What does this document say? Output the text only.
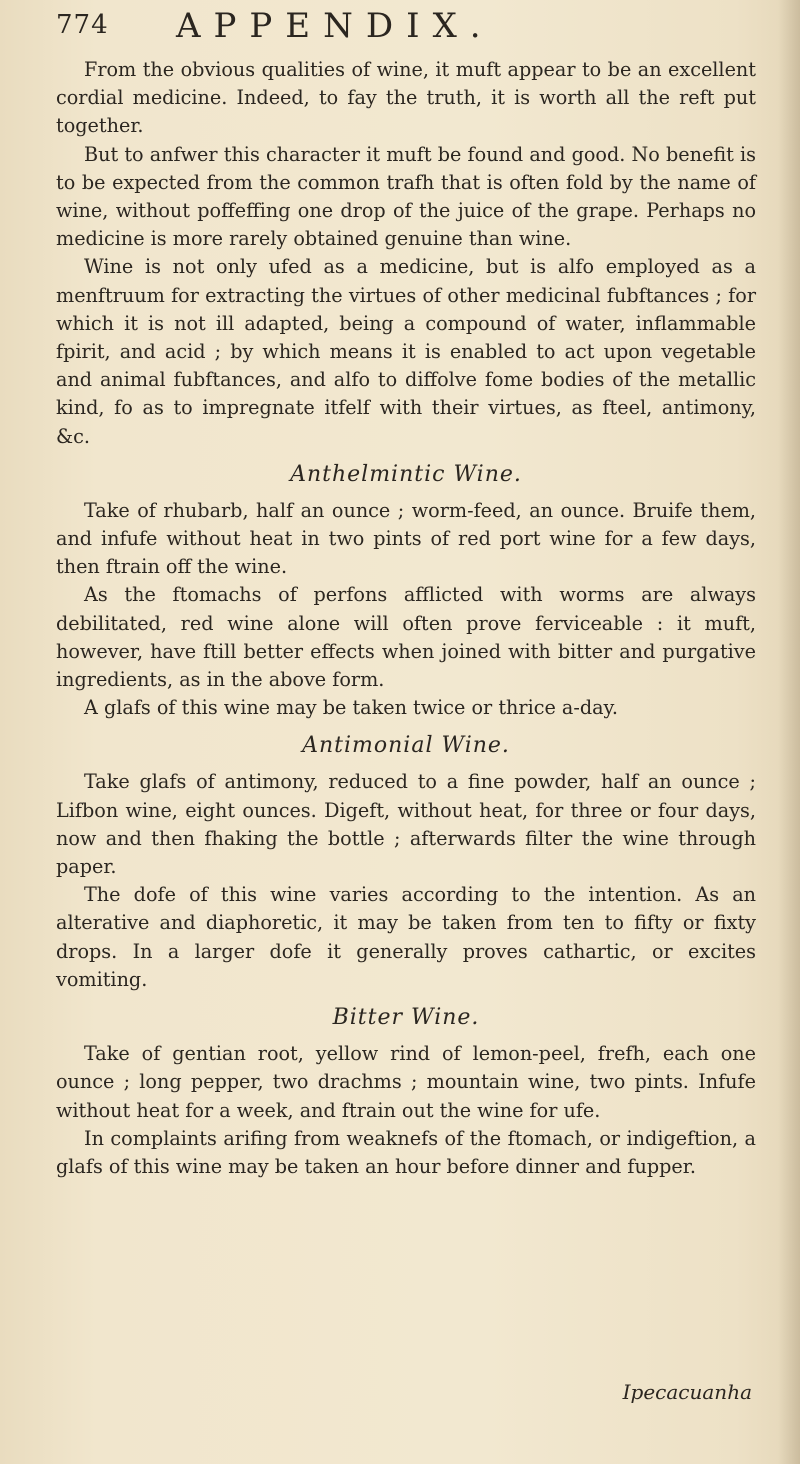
774 APPENDIX.

From the obvious qualities of wine, it muft appear to be an excellent cordial medicine. Indeed, to fay the truth, it is worth all the reft put together.

But to anfwer this character it muft be found and good. No benefit is to be expected from the common trafh that is often fold by the name of wine, without poffeffing one drop of the juice of the grape. Perhaps no medicine is more rarely obtained genuine than wine.

Wine is not only ufed as a medicine, but is alfo employed as a menftruum for extracting the virtues of other medicinal fubftances ; for which it is not ill adapted, being a compound of water, inflammable fpirit, and acid ; by which means it is enabled to act upon vegetable and animal fubftances, and alfo to diffolve fome bodies of the metallic kind, fo as to impregnate itfelf with their virtues, as fteel, antimony, &c.

Anthelmintic Wine.

Take of rhubarb, half an ounce ; worm-feed, an ounce. Bruife them, and infufe without heat in two pints of red port wine for a few days, then ftrain off the wine.

As the ftomachs of perfons afflicted with worms are always debilitated, red wine alone will often prove ferviceable : it muft, however, have ftill better effects when joined with bitter and purgative ingredients, as in the above form.

A glafs of this wine may be taken twice or thrice a-day.

Antimonial Wine.

Take glafs of antimony, reduced to a fine powder, half an ounce ; Lifbon wine, eight ounces. Digeft, without heat, for three or four days, now and then fhaking the bottle ; afterwards filter the wine through paper.

The dofe of this wine varies according to the intention. As an alterative and diaphoretic, it may be taken from ten to fifty or fixty drops. In a larger dofe it generally proves cathartic, or excites vomiting.

Bitter Wine.

Take of gentian root, yellow rind of lemon-peel, frefh, each one ounce ; long pepper, two drachms ; mountain wine, two pints. Infufe without heat for a week, and ftrain out the wine for ufe.

In complaints arifing from weaknefs of the ftomach, or indigeftion, a glafs of this wine may be taken an hour before dinner and fupper.

Ipecacuanha
